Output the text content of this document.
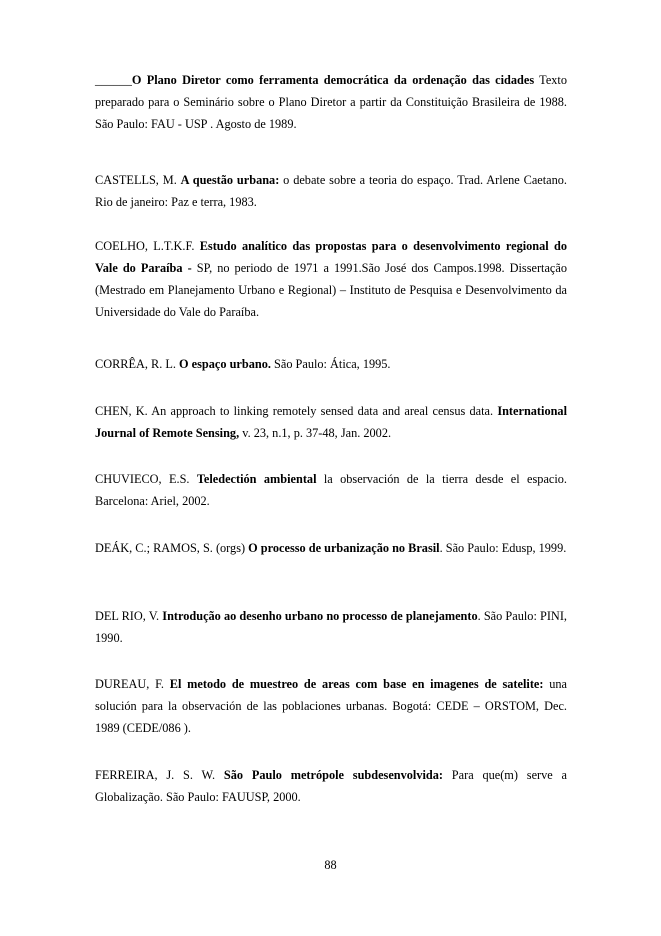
______O Plano Diretor como ferramenta democrática da ordenação das cidades Texto preparado para o Seminário sobre o Plano Diretor a partir da Constituição Brasileira de 1988. São Paulo: FAU - USP . Agosto de 1989.

CASTELLS, M. A questão urbana: o debate sobre a teoria do espaço. Trad. Arlene Caetano. Rio de janeiro: Paz e terra, 1983.

COELHO, L.T.K.F. Estudo analítico das propostas para o desenvolvimento regional do Vale do Paraíba - SP, no periodo de 1971 a 1991.São José dos Campos.1998. Dissertação (Mestrado em Planejamento Urbano e Regional) – Instituto de Pesquisa e Desenvolvimento da Universidade do Vale do Paraíba.

CORRÊA, R. L. O espaço urbano. São Paulo: Ática, 1995.

CHEN, K. An approach to linking remotely sensed data and areal census data. International Journal of Remote Sensing, v. 23, n.1, p. 37-48, Jan. 2002.

CHUVIECO, E.S. Teledectión ambiental la observación de la tierra desde el espacio. Barcelona: Ariel, 2002.

DEÁK, C.; RAMOS, S. (orgs) O processo de urbanização no Brasil. São Paulo: Edusp, 1999.

DEL RIO, V. Introdução ao desenho urbano no processo de planejamento. São Paulo: PINI, 1990.

DUREAU, F. El metodo de muestreo de areas com base en imagenes de satelite: una solución para la observación de las poblaciones urbanas. Bogotá: CEDE – ORSTOM, Dec. 1989 (CEDE/086 ).

FERREIRA, J. S. W. São Paulo metrópole subdesenvolvida: Para que(m) serve a Globalização. São Paulo: FAUUSP, 2000.

88
